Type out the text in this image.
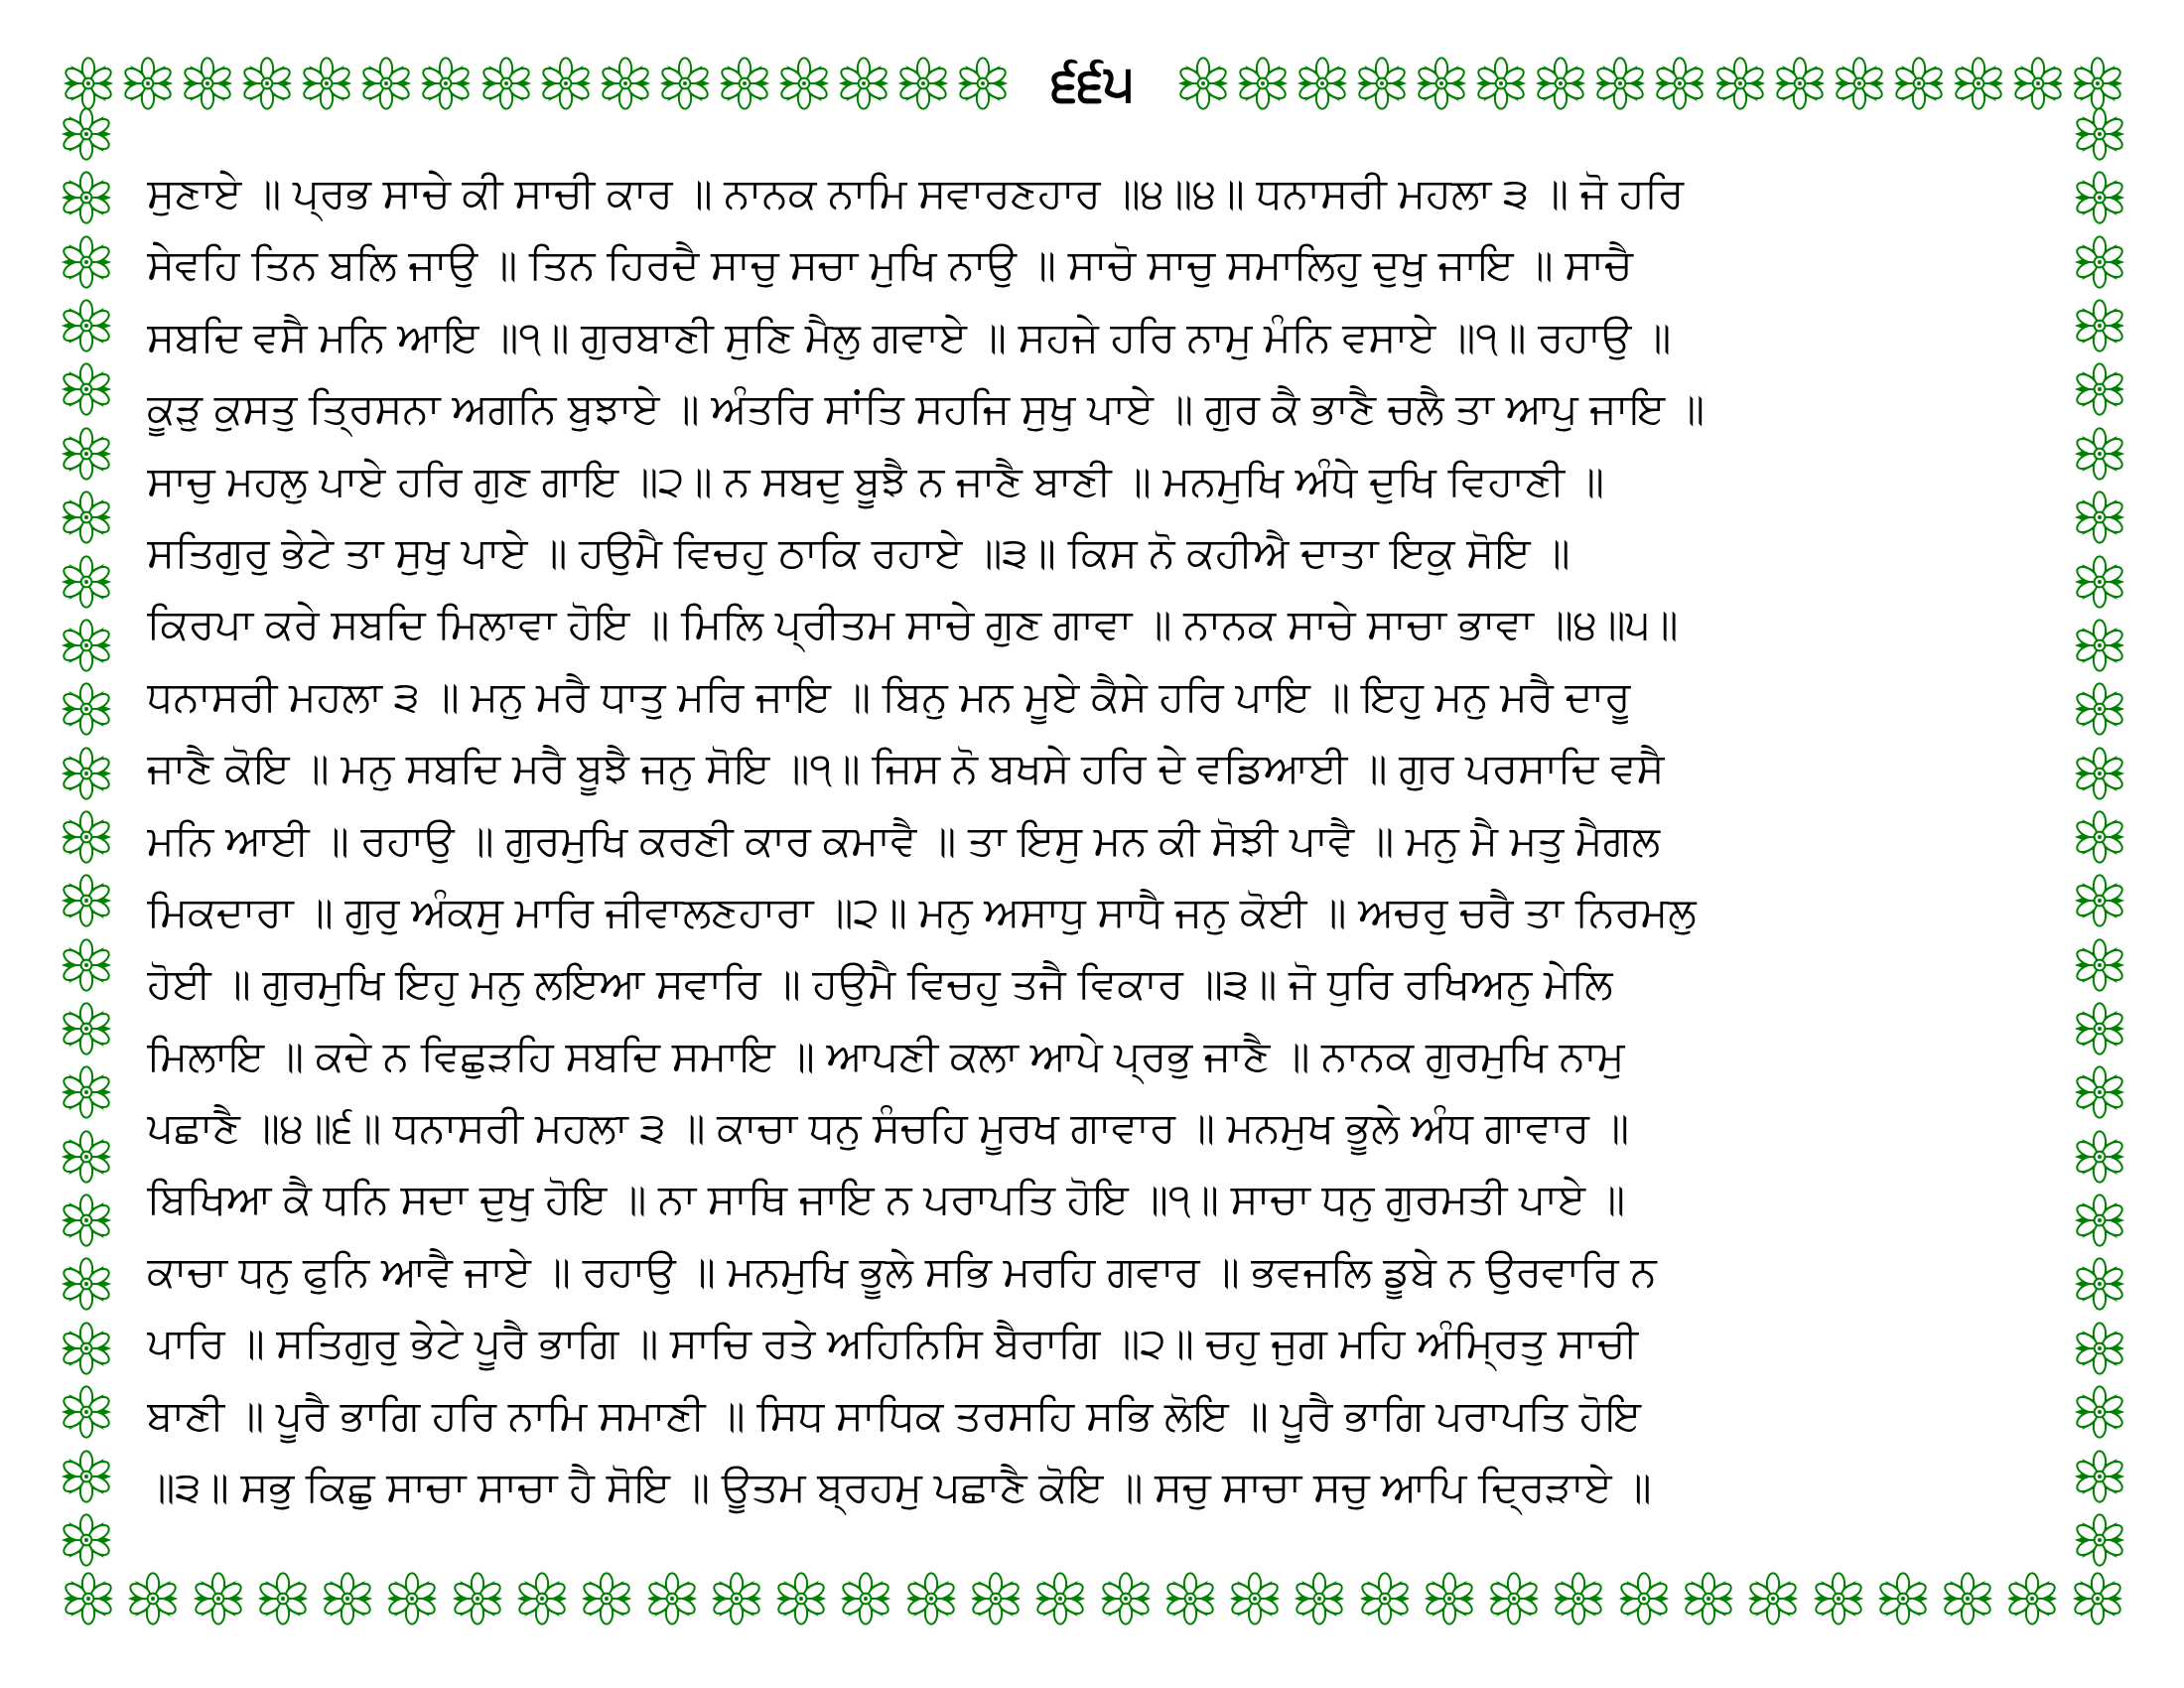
੬੬੫

ਸੁਣਾਏ ॥ ਪ੍ਰਭ ਸਾਚੇ ਕੀ ਸਾਚੀ ਕਾਰ ॥ ਨਾਨਕ ਨਾਮਿ ਸਵਾਰਣਹਾਰ ॥੪॥੪॥ ਧਨਾਸਰੀ ਮਹਲਾ ੩ ॥ ਜੋ ਹਰਿ

ਸੇਵਹਿ ਤਿਨ ਬਲਿ ਜਾਉ ॥ ਤਿਨ ਹਿਰਦੈ ਸਾਚੁ ਸਚਾ ਮੁਖਿ ਨਾਉ ॥ ਸਾਚੋ ਸਾਚੁ ਸਮਾਲਿਹੁ ਦੁਖੁ ਜਾਇ ॥ ਸਾਚੈ

ਸਬਦਿ ਵਸੈ ਮਨਿ ਆਇ ॥੧॥ ਗੁਰਬਾਣੀ ਸੁਣਿ ਮੈਲੁ ਗਵਾਏ ॥ ਸਹਜੇ ਹਰਿ ਨਾਮੁ ਮੰਨਿ ਵਸਾਏ ॥੧॥ ਰਹਾਉ ॥

ਕੂੜੁ ਕੁਸਤੁ ਤ੍ਰਿਸਨਾ ਅਗਨਿ ਬੁਝਾਏ ॥ ਅੰਤਰਿ ਸਾਂਤਿ ਸਹਜਿ ਸੁਖੁ ਪਾਏ ॥ ਗੁਰ ਕੈ ਭਾਣੈ ਚਲੈ ਤਾ ਆਪੁ ਜਾਇ ॥

ਸਾਚੁ ਮਹਲੁ ਪਾਏ ਹਰਿ ਗੁਣ ਗਾਇ ॥੨॥ ਨ ਸਬਦੁ ਬੂਝੈ ਨ ਜਾਣੈ ਬਾਣੀ ॥ ਮਨਮੁਖਿ ਅੰਧੇ ਦੁਖਿ ਵਿਹਾਣੀ ॥

ਸਤਿਗੁਰੁ ਭੇਟੇ ਤਾ ਸੁਖੁ ਪਾਏ ॥ ਹਉਮੈ ਵਿਚਹੁ ਠਾਕਿ ਰਹਾਏ ॥੩॥ ਕਿਸ ਨੋ ਕਹੀਐ ਦਾਤਾ ਇਕੁ ਸੋਇ ॥

ਕਿਰਪਾ ਕਰੇ ਸਬਦਿ ਮਿਲਾਵਾ ਹੋਇ ॥ ਮਿਲਿ ਪ੍ਰੀਤਮ ਸਾਚੇ ਗੁਣ ਗਾਵਾ ॥ ਨਾਨਕ ਸਾਚੇ ਸਾਚਾ ਭਾਵਾ ॥੪॥੫॥

ਧਨਾਸਰੀ ਮਹਲਾ ੩ ॥ ਮਨੁ ਮਰੈ ਧਾਤੁ ਮਰਿ ਜਾਇ ॥ ਬਿਨੁ ਮਨ ਮੂਏ ਕੈਸੇ ਹਰਿ ਪਾਇ ॥ ਇਹੁ ਮਨੁ ਮਰੈ ਦਾਰੂ

ਜਾਣੈ ਕੋਇ ॥ ਮਨੁ ਸਬਦਿ ਮਰੈ ਬੂਝੈ ਜਨੁ ਸੋਇ ॥੧॥ ਜਿਸ ਨੋ ਬਖਸੇ ਹਰਿ ਦੇ ਵਡਿਆਈ ॥ ਗੁਰ ਪਰਸਾਦਿ ਵਸੈ

ਮਨਿ ਆਈ ॥ ਰਹਾਉ ॥ ਗੁਰਮੁਖਿ ਕਰਣੀ ਕਾਰ ਕਮਾਵੈ ॥ ਤਾ ਇਸੁ ਮਨ ਕੀ ਸੋਝੀ ਪਾਵੈ ॥ ਮਨੁ ਮੈ ਮਤੁ ਮੈਗਲ

ਮਿਕਦਾਰਾ ॥ ਗੁਰੁ ਅੰਕਸੁ ਮਾਰਿ ਜੀਵਾਲਣਹਾਰਾ ॥੨॥ ਮਨੁ ਅਸਾਧੁ ਸਾਧੈ ਜਨੁ ਕੋਈ ॥ ਅਚਰੁ ਚਰੈ ਤਾ ਨਿਰਮਲੁ

ਹੋਈ ॥ ਗੁਰਮੁਖਿ ਇਹੁ ਮਨੁ ਲਇਆ ਸਵਾਰਿ ॥ ਹਉਮੈ ਵਿਚਹੁ ਤਜੈ ਵਿਕਾਰ ॥੩॥ ਜੋ ਧੁਰਿ ਰਖਿਅਨੁ ਮੇਲਿ

ਮਿਲਾਇ ॥ ਕਦੇ ਨ ਵਿਛੁੜਹਿ ਸਬਦਿ ਸਮਾਇ ॥ ਆਪਣੀ ਕਲਾ ਆਪੇ ਪ੍ਰਭੁ ਜਾਣੈ ॥ ਨਾਨਕ ਗੁਰਮੁਖਿ ਨਾਮੁ

ਪਛਾਣੈ ॥੪॥੬॥ ਧਨਾਸਰੀ ਮਹਲਾ ੩ ॥ ਕਾਚਾ ਧਨੁ ਸੰਚਹਿ ਮੂਰਖ ਗਾਵਾਰ ॥ ਮਨਮੁਖ ਭੂਲੇ ਅੰਧ ਗਾਵਾਰ ॥

ਬਿਖਿਆ ਕੈ ਧਨਿ ਸਦਾ ਦੁਖੁ ਹੋਇ ॥ ਨਾ ਸਾਥਿ ਜਾਇ ਨ ਪਰਾਪਤਿ ਹੋਇ ॥੧॥ ਸਾਚਾ ਧਨੁ ਗੁਰਮਤੀ ਪਾਏ ॥

ਕਾਚਾ ਧਨੁ ਫੁਨਿ ਆਵੈ ਜਾਏ ॥ ਰਹਾਉ ॥ ਮਨਮੁਖਿ ਭੂਲੇ ਸਭਿ ਮਰਹਿ ਗਵਾਰ ॥ ਭਵਜਲਿ ਡੂਬੇ ਨ ਉਰਵਾਰਿ ਨ

ਪਾਰਿ ॥ ਸਤਿਗੁਰੁ ਭੇਟੇ ਪੂਰੈ ਭਾਗਿ ॥ ਸਾਚਿ ਰਤੇ ਅਹਿਨਿਸਿ ਬੈਰਾਗਿ ॥੨॥ ਚਹੁ ਜੁਗ ਮਹਿ ਅੰਮ੍ਰਿਤੁ ਸਾਚੀ

ਬਾਣੀ ॥ ਪੂਰੈ ਭਾਗਿ ਹਰਿ ਨਾਮਿ ਸਮਾਣੀ ॥ ਸਿਧ ਸਾਧਿਕ ਤਰਸਹਿ ਸਭਿ ਲੋਇ ॥ ਪੂਰੈ ਭਾਗਿ ਪਰਾਪਤਿ ਹੋਇ

॥੩॥ ਸਭੁ ਕਿਛੁ ਸਾਚਾ ਸਾਚਾ ਹੈ ਸੋਇ ॥ ਊਤਮ ਬ੍ਰਹਮੁ ਪਛਾਣੈ ਕੋਇ ॥ ਸਚੁ ਸਾਚਾ ਸਚੁ ਆਪਿ ਦ੍ਰਿੜਾਏ ॥
